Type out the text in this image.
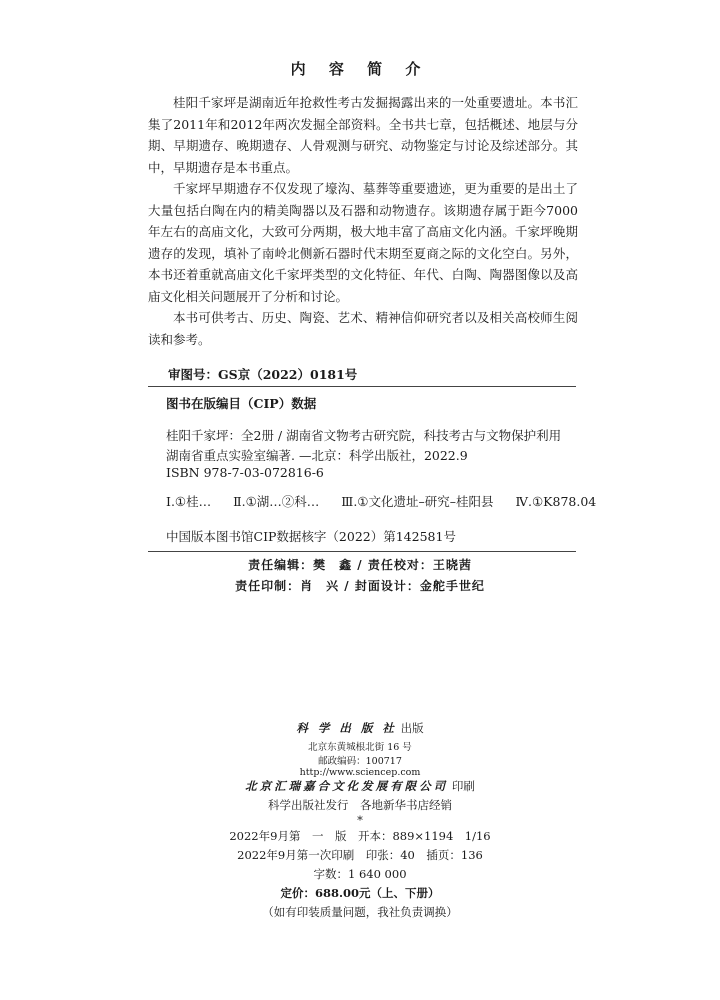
内 容 简 介

桂阳千家坪是湖南近年抢救性考古发掘揭露出来的一处重要遗址。本书汇集了2011年和2012年两次发掘全部资料。全书共七章，包括概述、地层与分期、早期遗存、晚期遗存、人骨观测与研究、动物鉴定与讨论及综述部分。其中，早期遗存是本书重点。

千家坪早期遗存不仅发现了壕沟、墓葬等重要遗迹，更为重要的是出土了大量包括白陶在内的精美陶器以及石器和动物遗存。该期遗存属于距今7000年左右的高庙文化，大致可分两期，极大地丰富了高庙文化内涵。千家坪晚期遗存的发现，填补了南岭北侧新石器时代末期至夏商之际的文化空白。另外，本书还着重就高庙文化千家坪类型的文化特征、年代、白陶、陶器图像以及高庙文化相关问题展开了分析和讨论。

本书可供考古、历史、陶瓷、艺术、精神信仰研究者以及相关高校师生阅读和参考。

审图号：GS京（2022）0181号
图书在版编目（CIP）数据
桂阳千家坪：全2册 / 湖南省文物考古研究院，科技考古与文物保护利用
湖南省重点实验室编著. —北京：科学出版社，2022.9
ISBN 978-7-03-072816-6
Ⅰ.①桂… Ⅱ.①湖…②科… Ⅲ.①文化遗址–研究–桂阳县 Ⅳ.①K878.04
中国版本图书馆CIP数据核字（2022）第142581号
责任编辑：樊　鑫 / 责任校对：王晓茜
责任印制：肖　兴 / 封面设计：金舵手世纪
科 学 出 版 社 出版
北京东黄城根北街 16 号
邮政编码：100717
http://www.sciencep.com
北京汇瑞嘉合文化发展有限公司 印刷
科学出版社发行　各地新华书店经销
*
2022年9月第　一　版　开本：889×1194　1/16
2022年9月第一次印刷　印张：40　插页：136
字数：1 640 000
定价：688.00元（上、下册）
（如有印装质量问题，我社负责调换）
